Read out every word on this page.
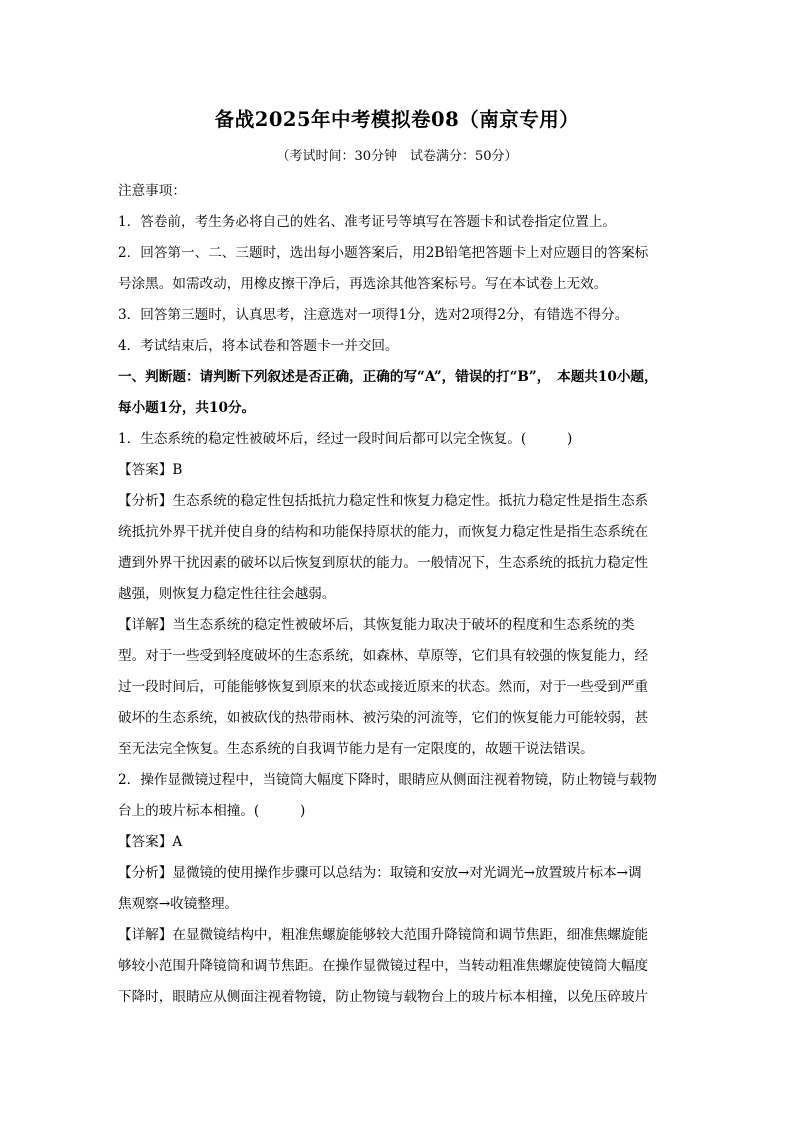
备战2025年中考模拟卷08（南京专用）
（考试时间：30分钟　试卷满分：50分）
注意事项：
1．答卷前，考生务必将自己的姓名、准考证号等填写在答题卡和试卷指定位置上。
2．回答第一、二、三题时，选出每小题答案后，用2B铅笔把答题卡上对应题目的答案标
号涂黑。如需改动，用橡皮擦干净后，再选涂其他答案标号。写在本试卷上无效。
3．回答第三题时，认真思考，注意选对一项得1分，选对2项得2分，有错选不得分。
4．考试结束后，将本试卷和答题卡一并交回。
一、判断题：请判断下列叙述是否正确，正确的写“A”，错误的打“B”，　本题共10小题，
每小题1分，共10分。
1．生态系统的稳定性被破坏后，经过一段时间后都可以完全恢复。(　　　)
【答案】B
【分析】生态系统的稳定性包括抵抗力稳定性和恢复力稳定性。抵抗力稳定性是指生态系
统抵抗外界干扰并使自身的结构和功能保持原状的能力，而恢复力稳定性是指生态系统在
遭到外界干扰因素的破坏以后恢复到原状的能力。一般情况下，生态系统的抵抗力稳定性
越强，则恢复力稳定性往往会越弱。
【详解】当生态系统的稳定性被破坏后，其恢复能力取决于破坏的程度和生态系统的类
型。对于一些受到轻度破坏的生态系统，如森林、草原等，它们具有较强的恢复能力，经
过一段时间后，可能能够恢复到原来的状态或接近原来的状态。然而，对于一些受到严重
破坏的生态系统，如被砍伐的热带雨林、被污染的河流等，它们的恢复能力可能较弱，甚
至无法完全恢复。生态系统的自我调节能力是有一定限度的，故题干说法错误。
2．操作显微镜过程中，当镜筒大幅度下降时，眼睛应从侧面注视着物镜，防止物镜与载物
台上的玻片标本相撞。(　　　)
【答案】A
【分析】显微镜的使用操作步骤可以总结为：取镜和安放→对光调光→放置玻片标本→调
焦观察→收镜整理。
【详解】在显微镜结构中，粗准焦螺旋能够较大范围升降镜筒和调节焦距，细准焦螺旋能
够较小范围升降镜筒和调节焦距。在操作显微镜过程中，当转动粗准焦螺旋使镜筒大幅度
下降时，眼睛应从侧面注视着物镜，防止物镜与载物台上的玻片标本相撞，以免压碎玻片
